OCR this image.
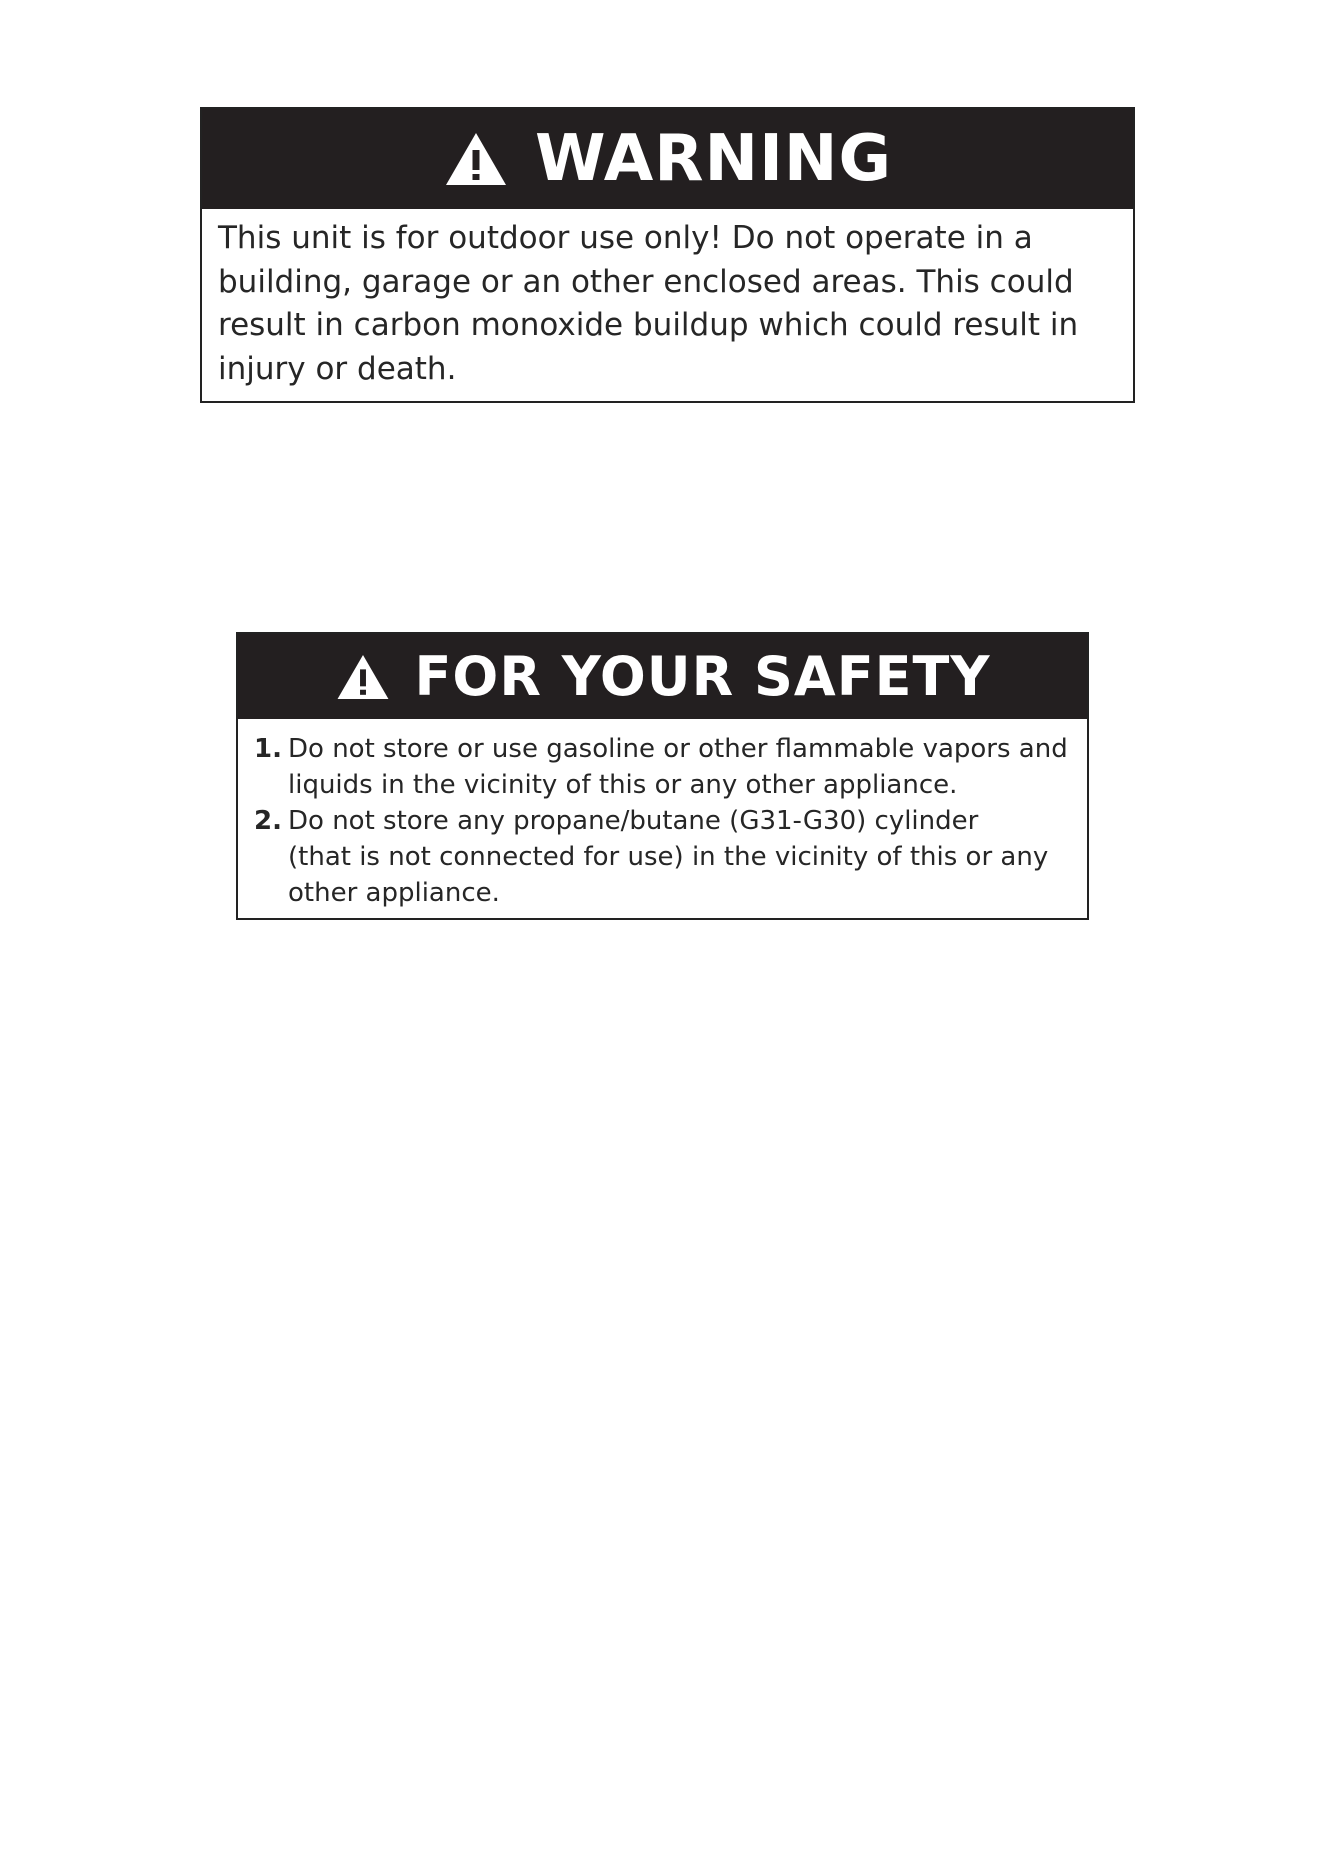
WARNING
This unit is for outdoor use only! Do not operate in a
building, garage or an other enclosed areas. This could
result in carbon monoxide buildup which could result in
injury or death.
FOR YOUR SAFETY
1. Do not store or use gasoline or other flammable vapors and
liquids in the vicinity of this or any other appliance.
2. Do not store any propane/butane (G31-G30) cylinder
(that is not connected for use) in the vicinity of this or any
other appliance.
